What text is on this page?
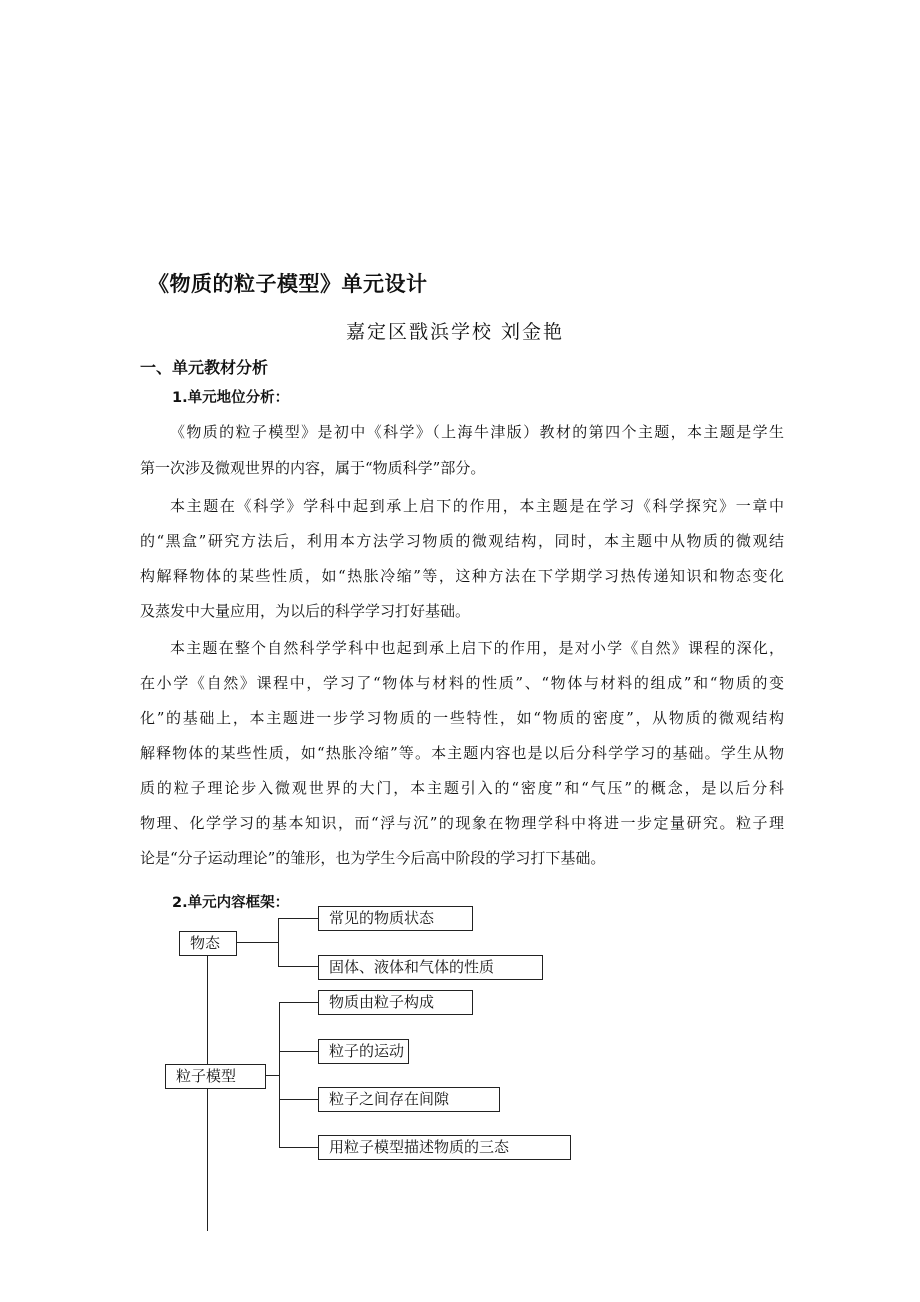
《物质的粒子模型》单元设计
嘉定区戬浜学校 刘金艳
一、单元教材分析
1.单元地位分析：
《物质的粒子模型》是初中《科学》（上海牛津版）教材的第四个主题，本主题是学生
第一次涉及微观世界的内容，属于“物质科学”部分。
本主题在《科学》学科中起到承上启下的作用，本主题是在学习《科学探究》一章中
的“黑盒”研究方法后，利用本方法学习物质的微观结构，同时，本主题中从物质的微观结
构解释物体的某些性质，如“热胀冷缩”等，这种方法在下学期学习热传递知识和物态变化
及蒸发中大量应用，为以后的科学学习打好基础。
本主题在整个自然科学学科中也起到承上启下的作用，是对小学《自然》课程的深化，
在小学《自然》课程中，学习了“物体与材料的性质”、“物体与材料的组成”和“物质的变
化”的基础上，本主题进一步学习物质的一些特性，如“物质的密度”，从物质的微观结构
解释物体的某些性质，如“热胀冷缩”等。本主题内容也是以后分科学学习的基础。学生从物
质的粒子理论步入微观世界的大门，本主题引入的“密度”和“气压”的概念，是以后分科
物理、化学学习的基本知识，而“浮与沉”的现象在物理学科中将进一步定量研究。粒子理
论是“分子运动理论”的雏形，也为学生今后高中阶段的学习打下基础。
2.单元内容框架：
物态
常见的物质状态
固体、液体和气体的性质
粒子模型
物质由粒子构成
粒子的运动
粒子之间存在间隙
用粒子模型描述物质的三态
